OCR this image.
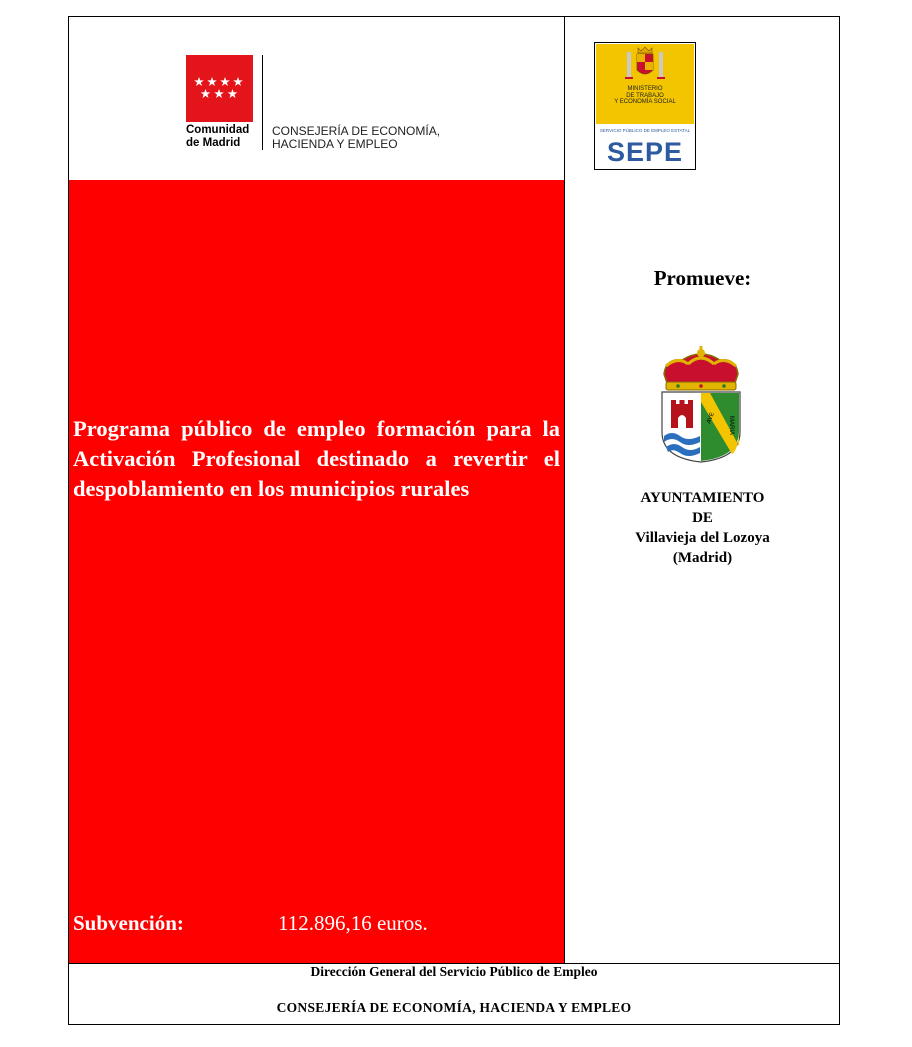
Comunidad
de Madrid
CONSEJERÍA DE ECONOMÍA,
HACIENDA Y EMPLEO
MINISTERIO
DE TRABAJO
Y ECONOMÍA SOCIAL
SERVICIO PÚBLICO DE EMPLEO ESTATAL
SEPE
Promueve:
AVE MARIA
AYUNTAMIENTO
DE
Villavieja del Lozoya
(Madrid)
Programa público de empleo formación para la Activación Profesional destinado a revertir el despoblamiento en los municipios rurales
Subvención:	112.896,16 euros.
Dirección General del Servicio Público de Empleo
CONSEJERÍA DE ECONOMÍA, HACIENDA Y EMPLEO
